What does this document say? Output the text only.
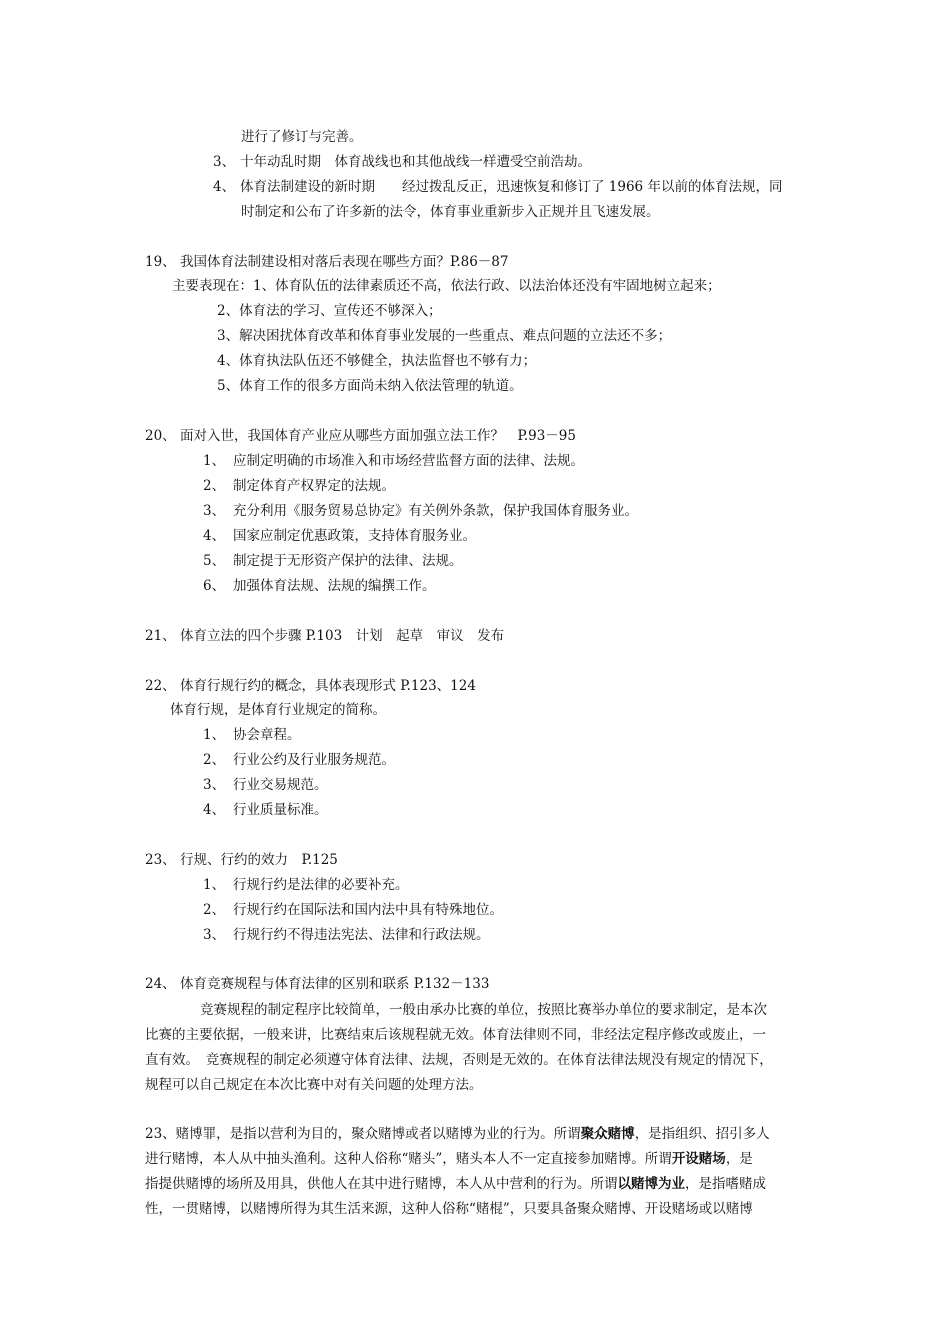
进行了修订与完善。
3、 十年动乱时期　体育战线也和其他战线一样遭受空前浩劫。
4、 体育法制建设的新时期　　经过拨乱反正，迅速恢复和修订了 1966 年以前的体育法规，同
时制定和公布了许多新的法令，体育事业重新步入正规并且飞速发展。
19、 我国体育法制建设相对落后表现在哪些方面？P.86－87
主要表现在：1、体育队伍的法律素质还不高，依法行政、以法治体还没有牢固地树立起来；
2、体育法的学习、宣传还不够深入；
3、解决困扰体育改革和体育事业发展的一些重点、难点问题的立法还不多；
4、体育执法队伍还不够健全，执法监督也不够有力；
5、体育工作的很多方面尚未纳入依法管理的轨道。
20、 面对入世，我国体育产业应从哪些方面加强立法工作？　P.93－95
1、 应制定明确的市场准入和市场经营监督方面的法律、法规。
2、 制定体育产权界定的法规。
3、 充分利用《服务贸易总协定》有关例外条款，保护我国体育服务业。
4、 国家应制定优惠政策，支持体育服务业。
5、 制定提于无形资产保护的法律、法规。
6、 加强体育法规、法规的编撰工作。
21、 体育立法的四个步骤 P.103　计划　起草　审议　发布
22、 体育行规行约的概念，具体表现形式 P.123、124
体育行规，是体育行业规定的简称。
1、 协会章程。
2、 行业公约及行业服务规范。
3、 行业交易规范。
4、 行业质量标准。
23、 行规、行约的效力　P.125
1、 行规行约是法律的必要补充。
2、 行规行约在国际法和国内法中具有特殊地位。
3、 行规行约不得违法宪法、法律和行政法规。
24、 体育竞赛规程与体育法律的区别和联系 P.132－133
竞赛规程的制定程序比较简单，一般由承办比赛的单位，按照比赛举办单位的要求制定，是本次
比赛的主要依据，一般来讲，比赛结束后该规程就无效。体育法律则不同，非经法定程序修改或废止，一
直有效。　竞赛规程的制定必须遵守体育法律、法规，否则是无效的。在体育法律法规没有规定的情况下，
规程可以自己规定在本次比赛中对有关问题的处理方法。
23、赌博罪，是指以营利为目的，聚众赌博或者以赌博为业的行为。所谓聚众赌博，是指组织、招引多人
进行赌博，本人从中抽头渔利。这种人俗称“赌头”，赌头本人不一定直接参加赌博。所谓开设赌场，是
指提供赌博的场所及用具，供他人在其中进行赌博，本人从中营利的行为。所谓以赌博为业，是指嗜赌成
性，一贯赌博，以赌博所得为其生活来源，这种人俗称“赌棍”，只要具备聚众赌博、开设赌场或以赌博
